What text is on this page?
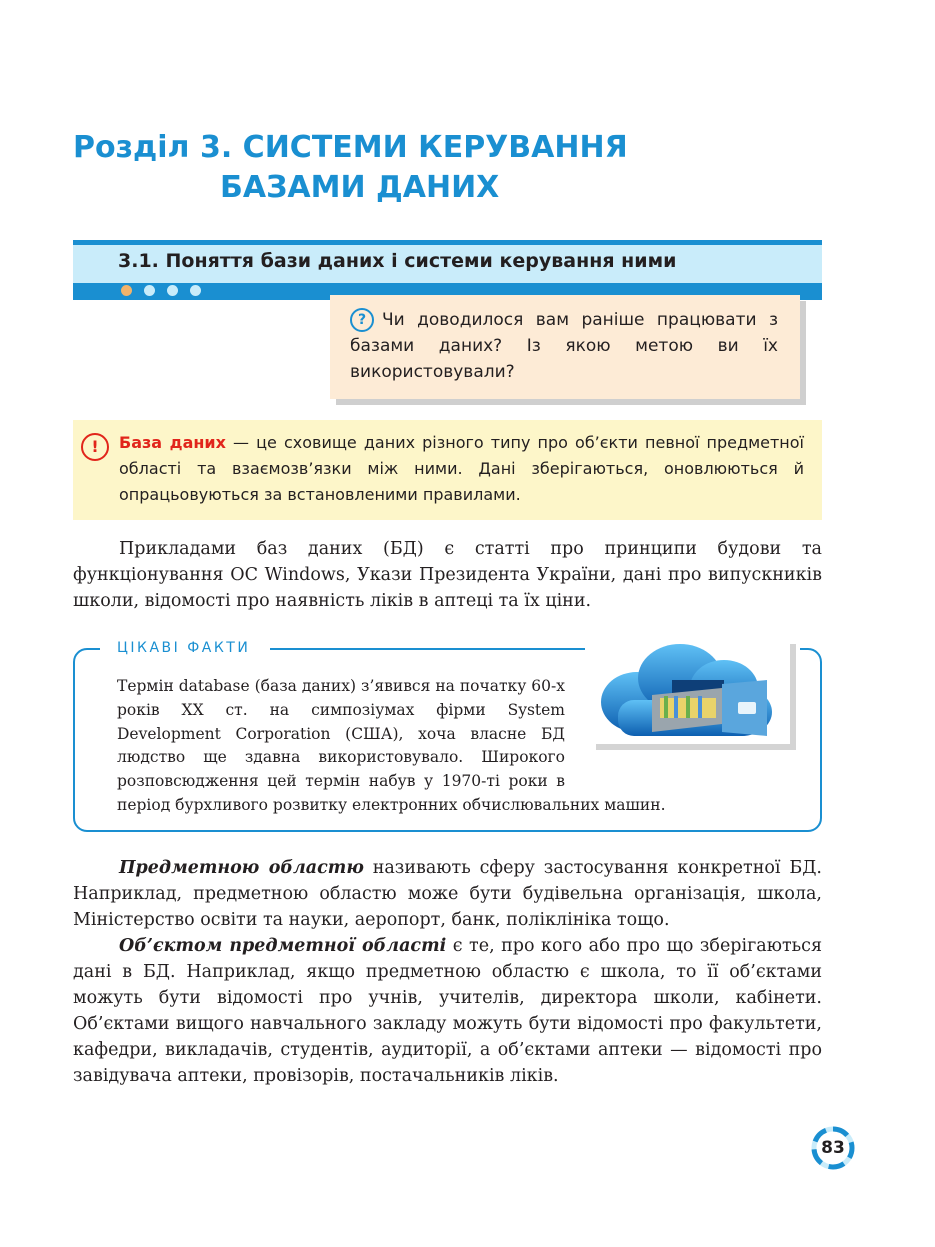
Розділ 3. СИСТЕМИ КЕРУВАННЯ
БАЗАМИ ДАНИХ
3.1. Поняття бази даних і системи керування ними
? Чи доводилося вам раніше працювати з базами даних? Із якою метою ви їх використовували?
База даних — це сховище даних різного типу про об’єкти певної предметної області та взаємозв’язки між ними. Дані зберігаються, оновлюються й опрацьовуються за встановленими правилами.
!

Прикладами баз даних (БД) є статті про принципи будови та функціонування ОС Windows, Укази Президента України, дані про випускників школи, відомості про наявність ліків в аптеці та їх ціни.

ЦІКАВІ ФАКТИ

Термін database (база даних) з’явився на початку 60-х років XX ст. на симпозіумах фірми System Development Corporation (США), хоча власне БД людство ще здавна використовувало. Широкого розповсюдження цей термін набув у 1970-ті роки в період бурхливого розвитку електронних обчислювальних машин.

Предметною областю називають сферу застосування конкретної БД. Наприклад, предметною областю може бути будівельна організація, школа, Міністерство освіти та науки, аеропорт, банк, поліклініка тощо.

Об’єктом предметної області є те, про кого або про що зберігаються дані в БД. Наприклад, якщо предметною областю є школа, то її об’єктами можуть бути відомості про учнів, учителів, директора школи, кабінети. Об’єктами вищого навчального закладу можуть бути відомості про факультети, кафедри, викладачів, студентів, аудиторії, а об’єктами аптеки — відомості про завідувача аптеки, провізорів, постачальників ліків.

83
